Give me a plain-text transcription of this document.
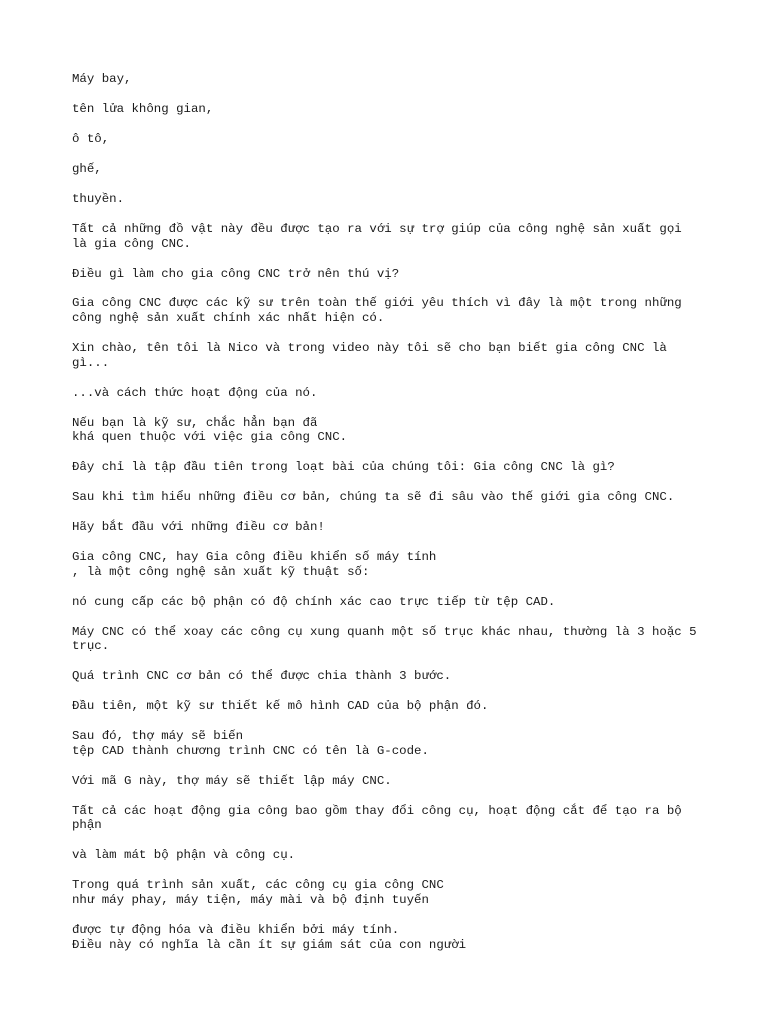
Máy bay,

tên lửa không gian,

ô tô,

ghế,

thuyền.

Tất cả những đồ vật này đều được tạo ra với sự trợ giúp của công nghệ sản xuất gọi là gia công CNC.

Điều gì làm cho gia công CNC trở nên thú vị?

Gia công CNC được các kỹ sư trên toàn thế giới yêu thích vì đây là một trong những công nghệ sản xuất chính xác nhất hiện có.

Xin chào, tên tôi là Nico và trong video này tôi sẽ cho bạn biết gia công CNC là gì...

...và cách thức hoạt động của nó.

Nếu bạn là kỹ sư, chắc hẳn bạn đã
khá quen thuộc với việc gia công CNC.

Đây chỉ là tập đầu tiên trong loạt bài của chúng tôi: Gia công CNC là gì?

Sau khi tìm hiểu những điều cơ bản, chúng ta sẽ đi sâu vào thế giới gia công CNC.

Hãy bắt đầu với những điều cơ bản!

Gia công CNC, hay Gia công điều khiển số máy tính
, là một công nghệ sản xuất kỹ thuật số:

nó cung cấp các bộ phận có độ chính xác cao trực tiếp từ tệp CAD.

Máy CNC có thể xoay các công cụ xung quanh một số trục khác nhau, thường là 3 hoặc 5 trục.

Quá trình CNC cơ bản có thể được chia thành 3 bước.

Đầu tiên, một kỹ sư thiết kế mô hình CAD của bộ phận đó.

Sau đó, thợ máy sẽ biến
tệp CAD thành chương trình CNC có tên là G-code.

Với mã G này, thợ máy sẽ thiết lập máy CNC.

Tất cả các hoạt động gia công bao gồm thay đổi công cụ, hoạt động cắt để tạo ra bộ phận

và làm mát bộ phận và công cụ.

Trong quá trình sản xuất, các công cụ gia công CNC
như máy phay, máy tiện, máy mài và bộ định tuyến

được tự động hóa và điều khiển bởi máy tính.
Điều này có nghĩa là cần ít sự giám sát của con người
